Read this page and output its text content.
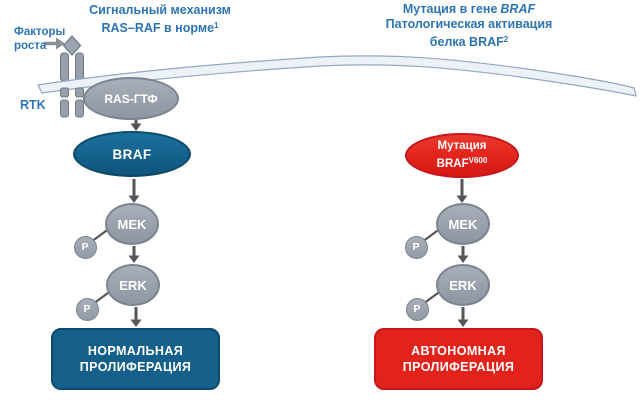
Сигнальный механизм
RAS–RAF в норме$^1$
Мутация в гене BRAF
Патологическая активация
белка BRAF$^2$
Факторы
роста
RTK	RAS-ГТФ
BRAF
MEK
P
ERK
P
НОРМАЛЬНАЯ
ПРОЛИФЕРАЦИЯ
Мутация
$BRAF^{V600}$
MEK
P
ERK
P
АВТОНОМНАЯ
ПРОЛИФЕРАЦИЯ
